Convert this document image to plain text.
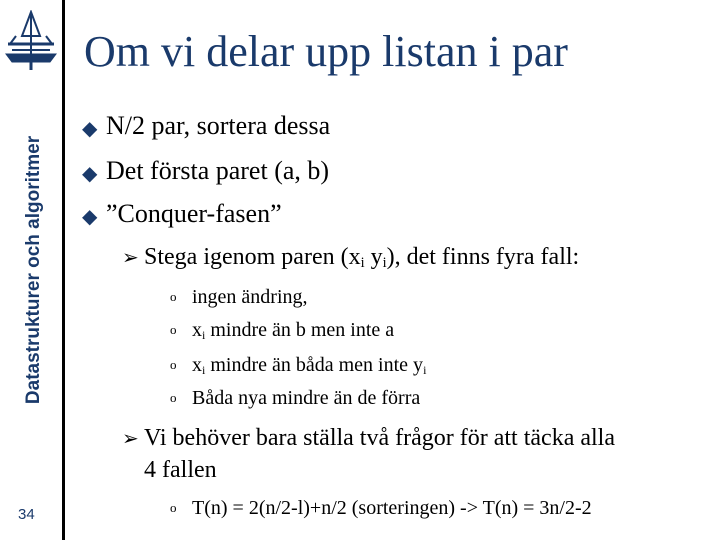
Datastrukturer och algoritmer
34
Om vi delar upp listan i par
◆ N/2 par, sortera dessa
◆ Det första paret (a, b)
◆ ”Conquer-fasen”
➢ Stega igenom paren ($x_i$ $y_i$), det finns fyra fall:
o ingen ändring,
o $x_i$ mindre än b men inte a
o $x_i$ mindre än båda men inte $y_i$
o Båda nya mindre än de förra
➢ Vi behöver bara ställa två frågor för att täcka alla
4 fallen
o T(n) = 2(n/2-l)+n/2 (sorteringen) -> T(n) = 3n/2-2
